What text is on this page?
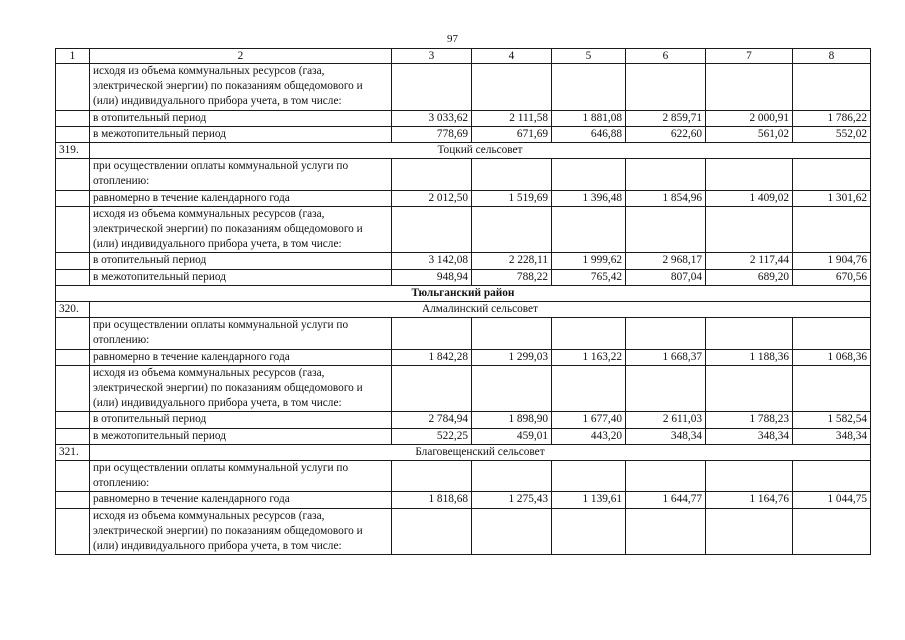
97
1	2	3	4	5	6	7	8
	исходя из объема коммунальных ресурсов (газа, электрической энергии) по показаниям общедомового и (или) индивидуального прибора учета, в том числе:						
	в отопительный период	3 033,62	2 111,58	1 881,08	2 859,71	2 000,91	1 786,22
	в межотопительный период	778,69	671,69	646,88	622,60	561,02	552,02
319.	Тоцкий сельсовет						
	при осуществлении оплаты коммунальной услуги по отоплению:						
	равномерно в течение календарного года	2 012,50	1 519,69	1 396,48	1 854,96	1 409,02	1 301,62
	исходя из объема коммунальных ресурсов (газа, электрической энергии) по показаниям общедомового и (или) индивидуального прибора учета, в том числе:						
	в отопительный период	3 142,08	2 228,11	1 999,62	2 968,17	2 117,44	1 904,76
	в межотопительный период	948,94	788,22	765,42	807,04	689,20	670,56
Тюльганский район							
320.	Алмалинский сельсовет						
	при осуществлении оплаты коммунальной услуги по отоплению:						
	равномерно в течение календарного года	1 842,28	1 299,03	1 163,22	1 668,37	1 188,36	1 068,36
	исходя из объема коммунальных ресурсов (газа, электрической энергии) по показаниям общедомового и (или) индивидуального прибора учета, в том числе:						
	в отопительный период	2 784,94	1 898,90	1 677,40	2 611,03	1 788,23	1 582,54
	в межотопительный период	522,25	459,01	443,20	348,34	348,34	348,34
321.	Благовещенский сельсовет						
	при осуществлении оплаты коммунальной услуги по отоплению:						
	равномерно в течение календарного года	1 818,68	1 275,43	1 139,61	1 644,77	1 164,76	1 044,75
	исходя из объема коммунальных ресурсов (газа, электрической энергии) по показаниям общедомового и (или) индивидуального прибора учета, в том числе:						
